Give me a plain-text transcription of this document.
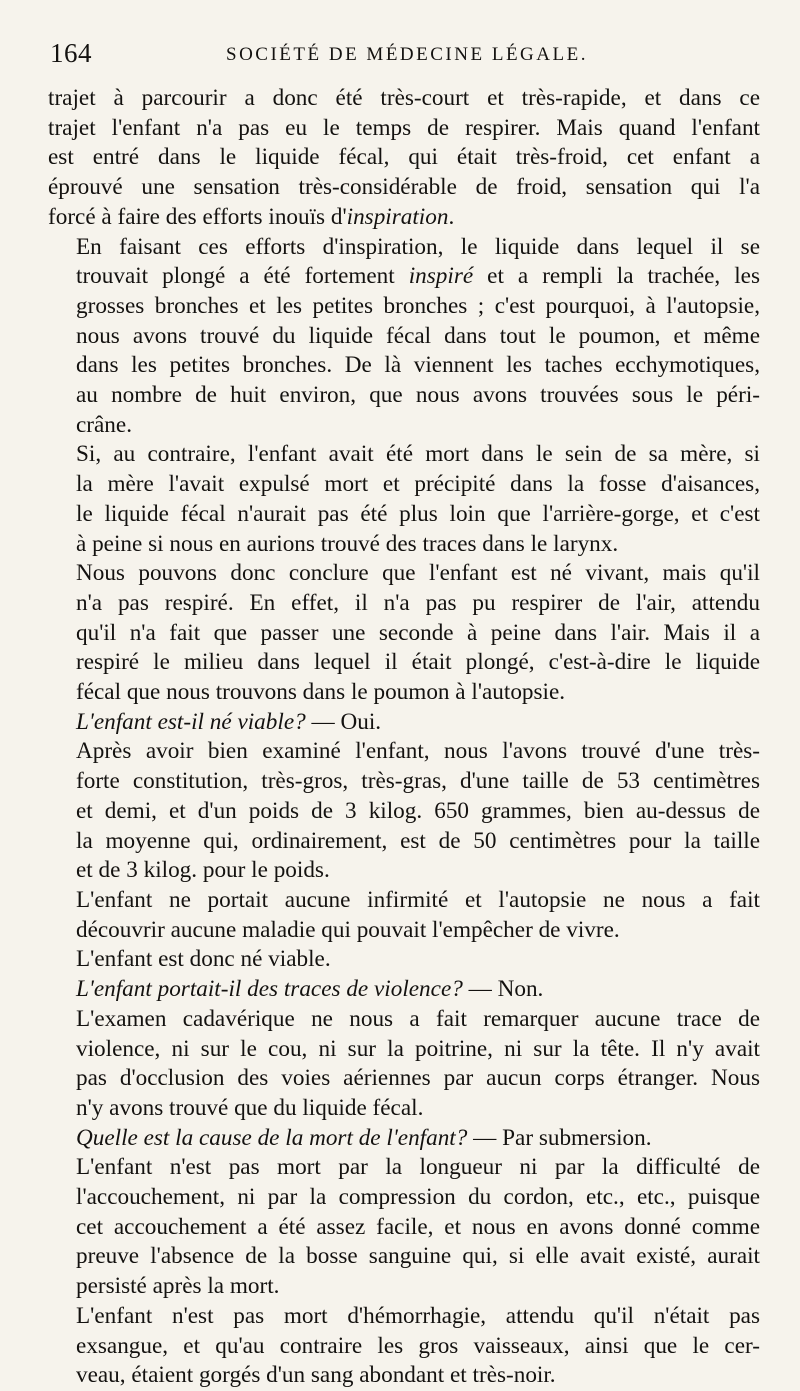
164	SOCIÉTÉ DE MÉDECINE LÉGALE.

trajet à parcourir a donc été très-court et très-rapide, et dans ce
trajet l'enfant n'a pas eu le temps de respirer. Mais quand l'enfant
est entré dans le liquide fécal, qui était très-froid, cet enfant a
éprouvé une sensation très-considérable de froid, sensation qui l'a
forcé à faire des efforts inouïs d'inspiration.

En faisant ces efforts d'inspiration, le liquide dans lequel il se
trouvait plongé a été fortement inspiré et a rempli la trachée, les
grosses bronches et les petites bronches ; c'est pourquoi, à l'autopsie,
nous avons trouvé du liquide fécal dans tout le poumon, et même
dans les petites bronches. De là viennent les taches ecchymotiques,
au nombre de huit environ, que nous avons trouvées sous le péri-
crâne.

Si, au contraire, l'enfant avait été mort dans le sein de sa mère, si
la mère l'avait expulsé mort et précipité dans la fosse d'aisances,
le liquide fécal n'aurait pas été plus loin que l'arrière-gorge, et c'est
à peine si nous en aurions trouvé des traces dans le larynx.

Nous pouvons donc conclure que l'enfant est né vivant, mais qu'il
n'a pas respiré. En effet, il n'a pas pu respirer de l'air, attendu
qu'il n'a fait que passer une seconde à peine dans l'air. Mais il a
respiré le milieu dans lequel il était plongé, c'est-à-dire le liquide
fécal que nous trouvons dans le poumon à l'autopsie.

L'enfant est-il né viable? — Oui.

Après avoir bien examiné l'enfant, nous l'avons trouvé d'une très-
forte constitution, très-gros, très-gras, d'une taille de 53 centimètres
et demi, et d'un poids de 3 kilog. 650 grammes, bien au-dessus de
la moyenne qui, ordinairement, est de 50 centimètres pour la taille
et de 3 kilog. pour le poids.

L'enfant ne portait aucune infirmité et l'autopsie ne nous a fait
découvrir aucune maladie qui pouvait l'empêcher de vivre.

L'enfant est donc né viable.

L'enfant portait-il des traces de violence? — Non.

L'examen cadavérique ne nous a fait remarquer aucune trace de
violence, ni sur le cou, ni sur la poitrine, ni sur la tête. Il n'y avait
pas d'occlusion des voies aériennes par aucun corps étranger. Nous
n'y avons trouvé que du liquide fécal.

Quelle est la cause de la mort de l'enfant? — Par submersion.

L'enfant n'est pas mort par la longueur ni par la difficulté de
l'accouchement, ni par la compression du cordon, etc., etc., puisque
cet accouchement a été assez facile, et nous en avons donné comme
preuve l'absence de la bosse sanguine qui, si elle avait existé, aurait
persisté après la mort.

L'enfant n'est pas mort d'hémorrhagie, attendu qu'il n'était pas
exsangue, et qu'au contraire les gros vaisseaux, ainsi que le cer-
veau, étaient gorgés d'un sang abondant et très-noir.
